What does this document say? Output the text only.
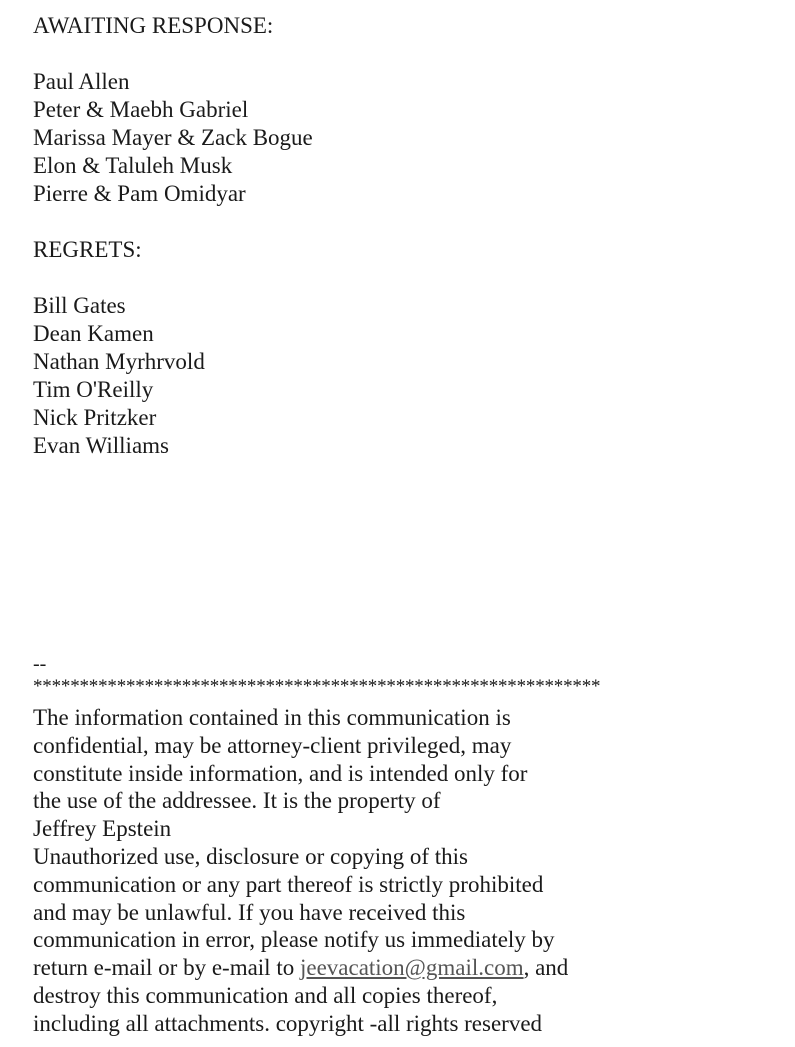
AWAITING RESPONSE:
Paul Allen
Peter & Maebh Gabriel
Marissa Mayer & Zack Bogue
Elon & Taluleh Musk
Pierre & Pam Omidyar
REGRETS:
Bill Gates
Dean Kamen
Nathan Myrhrvold
Tim O'Reilly
Nick Pritzker
Evan Williams
--
*************************************************************
The information contained in this communication is
confidential, may be attorney-client privileged, may
constitute inside information, and is intended only for
the use of the addressee. It is the property of
Jeffrey Epstein
Unauthorized use, disclosure or copying of this
communication or any part thereof is strictly prohibited
and may be unlawful. If you have received this
communication in error, please notify us immediately by
return e-mail or by e-mail to jeevacation@gmail.com, and
destroy this communication and all copies thereof,
including all attachments. copyright -all rights reserved
